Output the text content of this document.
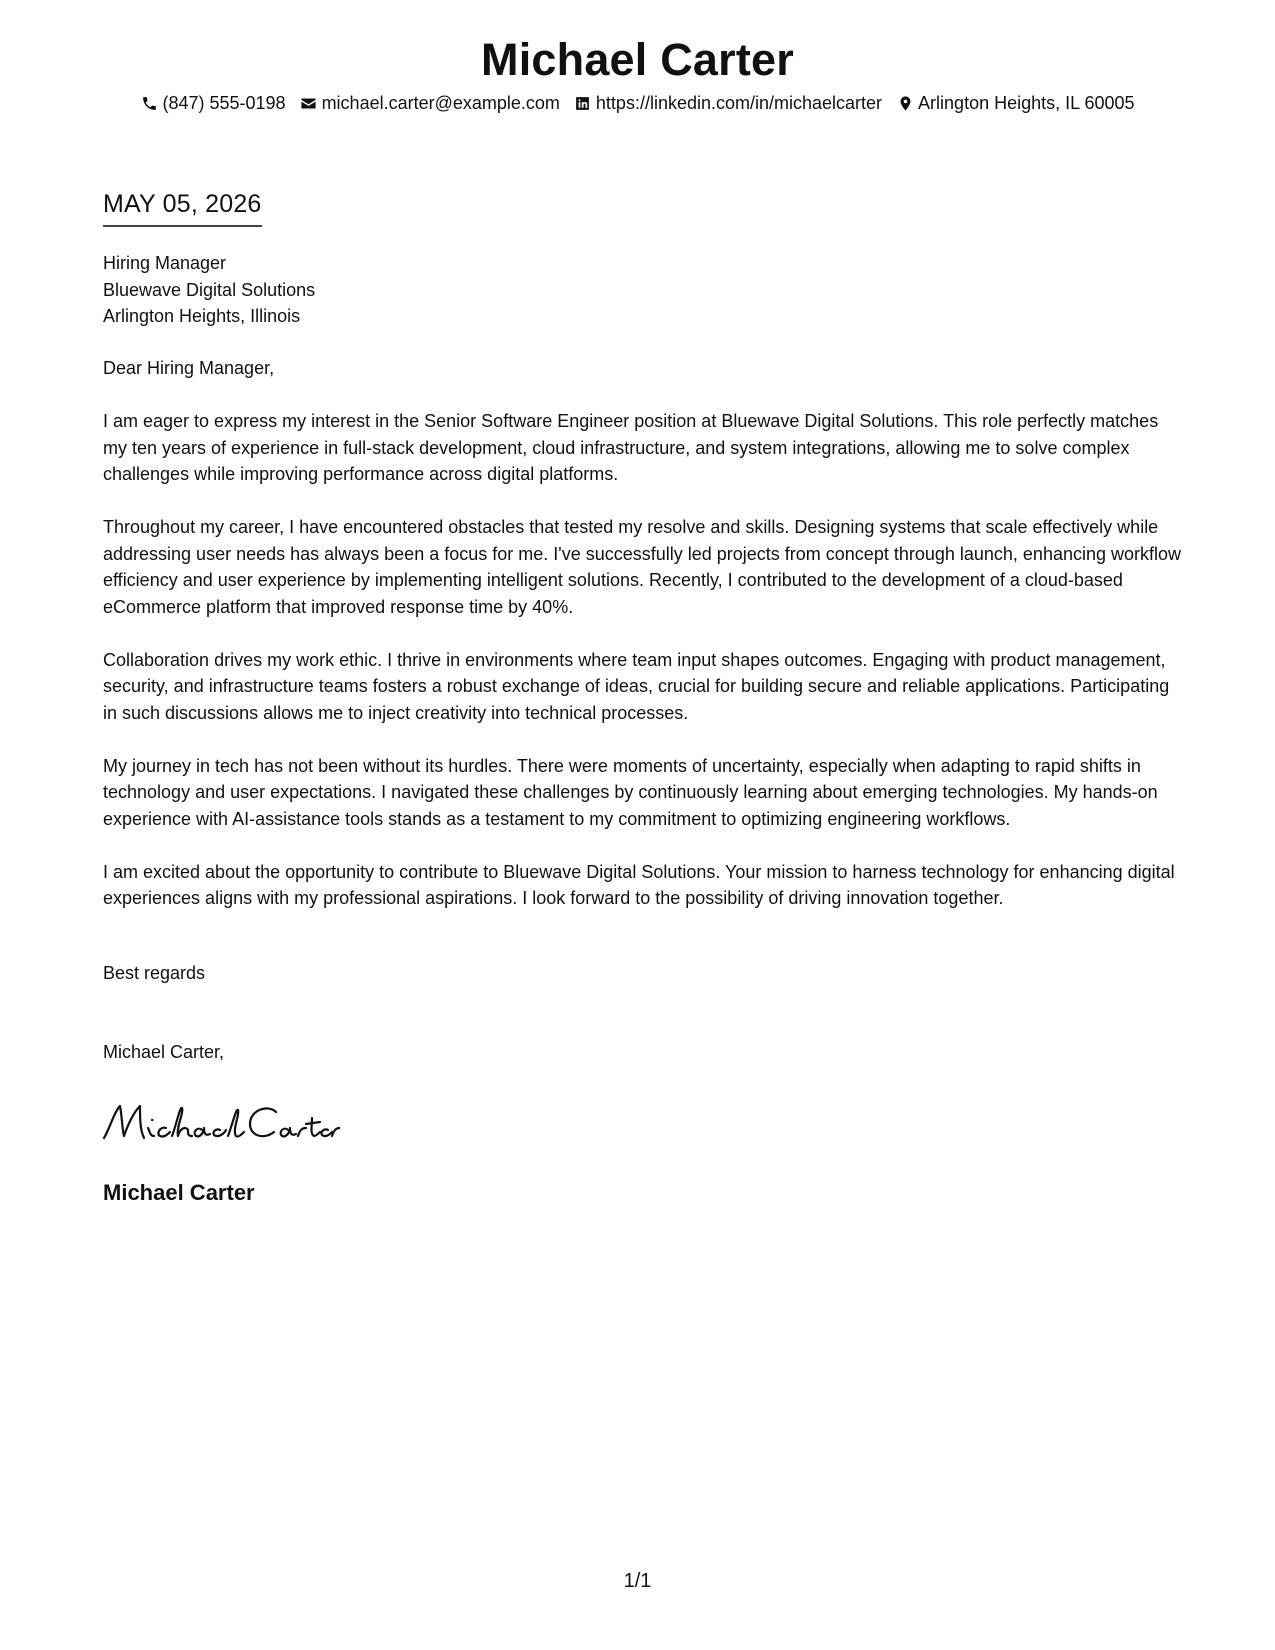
Michael Carter
(847) 555-0198 michael.carter@example.com https://linkedin.com/in/michaelcarter Arlington Heights, IL 60005
MAY 05, 2026
Hiring Manager
Bluewave Digital Solutions
Arlington Heights, Illinois

Dear Hiring Manager,

I am eager to express my interest in the Senior Software Engineer position at Bluewave Digital Solutions. This role perfectly matches my ten years of experience in full-stack development, cloud infrastructure, and system integrations, allowing me to solve complex challenges while improving performance across digital platforms.

Throughout my career, I have encountered obstacles that tested my resolve and skills. Designing systems that scale effectively while addressing user needs has always been a focus for me. I've successfully led projects from concept through launch, enhancing workflow efficiency and user experience by implementing intelligent solutions. Recently, I contributed to the development of a cloud-based eCommerce platform that improved response time by 40%.

Collaboration drives my work ethic. I thrive in environments where team input shapes outcomes. Engaging with product management, security, and infrastructure teams fosters a robust exchange of ideas, crucial for building secure and reliable applications. Participating in such discussions allows me to inject creativity into technical processes.

My journey in tech has not been without its hurdles. There were moments of uncertainty, especially when adapting to rapid shifts in technology and user expectations. I navigated these challenges by continuously learning about emerging technologies. My hands-on experience with AI-assistance tools stands as a testament to my commitment to optimizing engineering workflows.

I am excited about the opportunity to contribute to Bluewave Digital Solutions. Your mission to harness technology for enhancing digital experiences aligns with my professional aspirations. I look forward to the possibility of driving innovation together.

Best regards
Michael Carter,
Michael Carter
1/1
